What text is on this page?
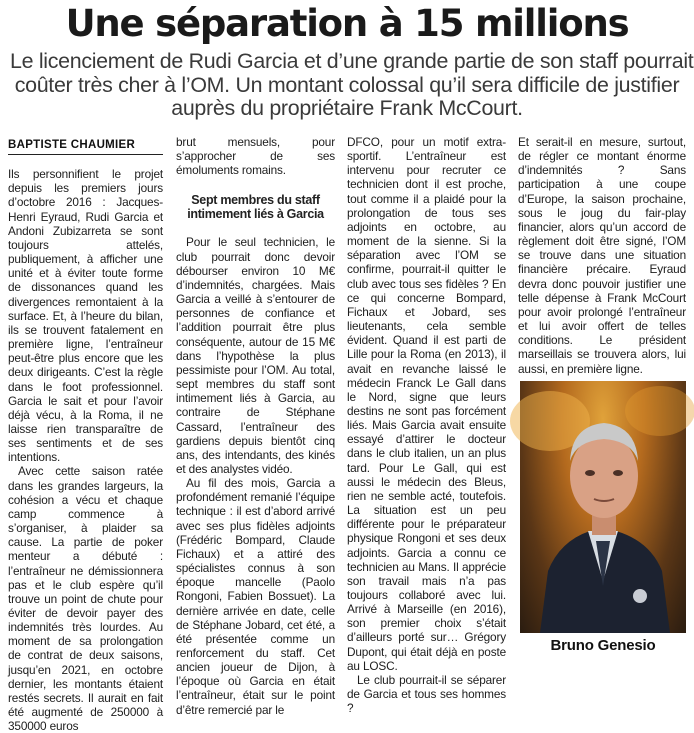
Une séparation à 15 millions
Le licenciement de Rudi Garcia et d’une grande partie de son staff pourrait
coûter très cher à l’OM. Un montant colossal qu’il sera difficile de justifier
auprès du propriétaire Frank McCourt.
BAPTISTE CHAUMIER

Ils personnifient le projet depuis les premiers jours d’octobre 2016 : Jacques-Henri Eyraud, Rudi Garcia et Andoni Zubizarreta se sont toujours attelés, publiquement, à afficher une unité et à éviter toute forme de dissonances quand les divergences remontaient à la surface. Et, à l’heure du bilan, ils se trouvent fatalement en première ligne, l’entraîneur peut-être plus encore que les deux dirigeants. C’est la règle dans le foot professionnel. Garcia le sait et pour l’avoir déjà vécu, à la Roma, il ne laisse rien transparaître de ses sentiments et de ses intentions.

Avec cette saison ratée dans les grandes largeurs, la cohésion a vécu et chaque camp commence à s’organiser, à plaider sa cause. La partie de poker menteur a débuté : l’entraîneur ne démissionnera pas et le club espère qu’il trouve un point de chute pour éviter de devoir payer des indemnités très lourdes. Au moment de sa prolongation de contrat de deux saisons, jusqu’en 2021, en octobre dernier, les montants étaient restés secrets. Il aurait en fait été augmenté de 250000 à 350000 euros

brut mensuels, pour s’approcher de ses émoluments romains.

Sept membres du staff intimement liés à Garcia

Pour le seul technicien, le club pourrait donc devoir débourser environ 10 M€ d’indemnités, chargées. Mais Garcia a veillé à s’entourer de personnes de confiance et l’addition pourrait être plus conséquente, autour de 15 M€ dans l’hypothèse la plus pessimiste pour l’OM. Au total, sept membres du staff sont intimement liés à Garcia, au contraire de Stéphane Cassard, l’entraîneur des gardiens depuis bientôt cinq ans, des intendants, des kinés et des analystes vidéo.

Au fil des mois, Garcia a profondément remanié l’équipe technique : il est d’abord arrivé avec ses plus fidèles adjoints (Frédéric Bompard, Claude Fichaux) et a attiré des spécialistes connus à son époque mancelle (Paolo Rongoni, Fabien Bossuet). La dernière arrivée en date, celle de Stéphane Jobard, cet été, a été présentée comme un renforcement du staff. Cet ancien joueur de Dijon, à l’époque où Garcia en était l’entraîneur, était sur le point d’être remercié par le

DFCO, pour un motif extra-sportif. L’entraîneur est intervenu pour recruter ce technicien dont il est proche, tout comme il a plaidé pour la prolongation de tous ses adjoints en octobre, au moment de la sienne. Si la séparation avec l’OM se confirme, pourrait-il quitter le club avec tous ses fidèles ? En ce qui concerne Bompard, Fichaux et Jobard, ses lieutenants, cela semble évident. Quand il est parti de Lille pour la Roma (en 2013), il avait en revanche laissé le médecin Franck Le Gall dans le Nord, signe que leurs destins ne sont pas forcément liés. Mais Garcia avait ensuite essayé d’attirer le docteur dans le club italien, un an plus tard. Pour Le Gall, qui est aussi le médecin des Bleus, rien ne semble acté, toutefois. La situation est un peu différente pour le préparateur physique Rongoni et ses deux adjoints. Garcia a connu ce technicien au Mans. Il apprécie son travail mais n’a pas toujours collaboré avec lui. Arrivé à Marseille (en 2016), son premier choix s’était d’ailleurs porté sur… Grégory Dupont, qui était déjà en poste au LOSC.

Le club pourrait-il se séparer de Garcia et tous ses hommes ?

Et serait-il en mesure, surtout, de régler ce montant énorme d’indemnités ? Sans participation à une coupe d’Europe, la saison prochaine, sous le joug du fair-play financier, alors qu’un accord de règlement doit être signé, l’OM se trouve dans une situation financière précaire. Eyraud devra donc pouvoir justifier une telle dépense à Frank McCourt pour avoir prolongé l’entraîneur et lui avoir offert de telles conditions. Le président marseillais se trouvera alors, lui aussi, en première ligne.

Bruno Genesio
